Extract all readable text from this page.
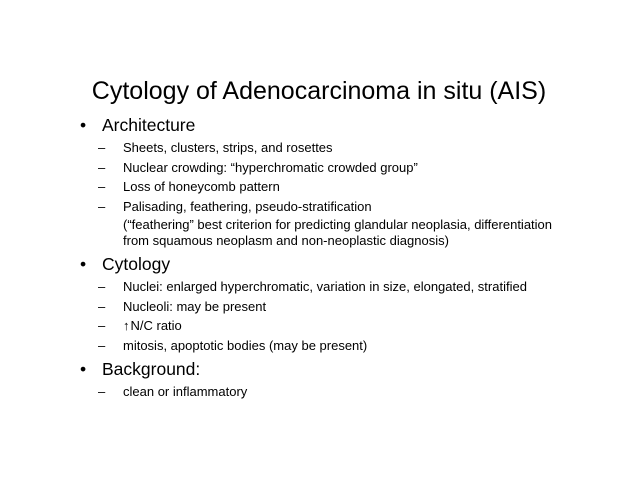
Cytology of Adenocarcinoma in situ (AIS)
• Architecture
– Sheets, clusters, strips, and rosettes
– Nuclear crowding: “hyperchromatic crowded group”
– Loss of honeycomb pattern
– Palisading, feathering, pseudo-stratification
(“feathering” best criterion for predicting glandular neoplasia, differentiation
from squamous neoplasm and non-neoplastic diagnosis)
• Cytology
– Nuclei: enlarged hyperchromatic, variation in size, elongated, stratified
– Nucleoli: may be present
– ↑N/C ratio
– mitosis, apoptotic bodies (may be present)
• Background:
– clean or inflammatory
